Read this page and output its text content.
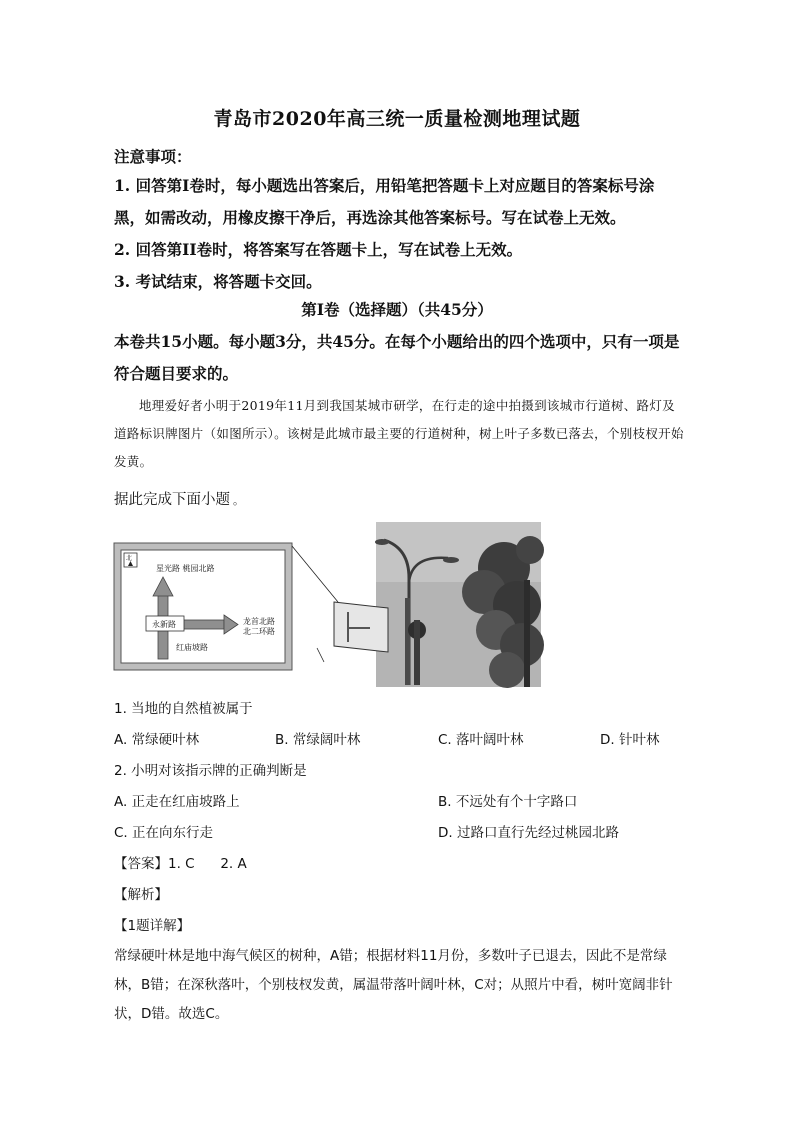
青岛市2020年高三统一质量检测地理试题
注意事项：

1. 回答第Ⅰ卷时，每小题选出答案后，用铅笔把答题卡上对应题目的答案标号涂

黑，如需改动，用橡皮擦干净后，再选涂其他答案标号。写在试卷上无效。

2. 回答第II卷时，将答案写在答题卡上，写在试卷上无效。

3. 考试结束，将答题卡交回。

第Ⅰ卷（选择题）（共45分）
本卷共15小题。每小题3分，共45分。在每个小题给出的四个选项中，只有一项是符合题目要求的。
地理爱好者小明于2019年11月到我国某城市研学，在行走的途中拍摄到该城市行道树、路灯及道路标识牌图片（如图所示）。该树是此城市最主要的行道树种，树上叶子多数已落去，个别枝杈开始发黄。
据此完成下面小题 。
北
永新路
星光路 桃园北路
龙首北路
北二环路
红庙坡路
1. 当地的自然植被属于
A. 常绿硬叶林	B. 常绿阔叶林	C. 落叶阔叶林	D. 针叶林
2. 小明对该指示牌的正确判断是
A. 正走在红庙坡路上	B. 不远处有个十字路口
C. 正在向东行走	D. 过路口直行先经过桃园北路
【答案】1. C      2. A
【解析】
【1题详解】
常绿硬叶林是地中海气候区的树种，A错；根据材料11月份，多数叶子已退去，因此不是常绿林，B错；在深秋落叶，个别枝杈发黄，属温带落叶阔叶林，C对；从照片中看，树叶宽阔非针状，D错。故选C。
